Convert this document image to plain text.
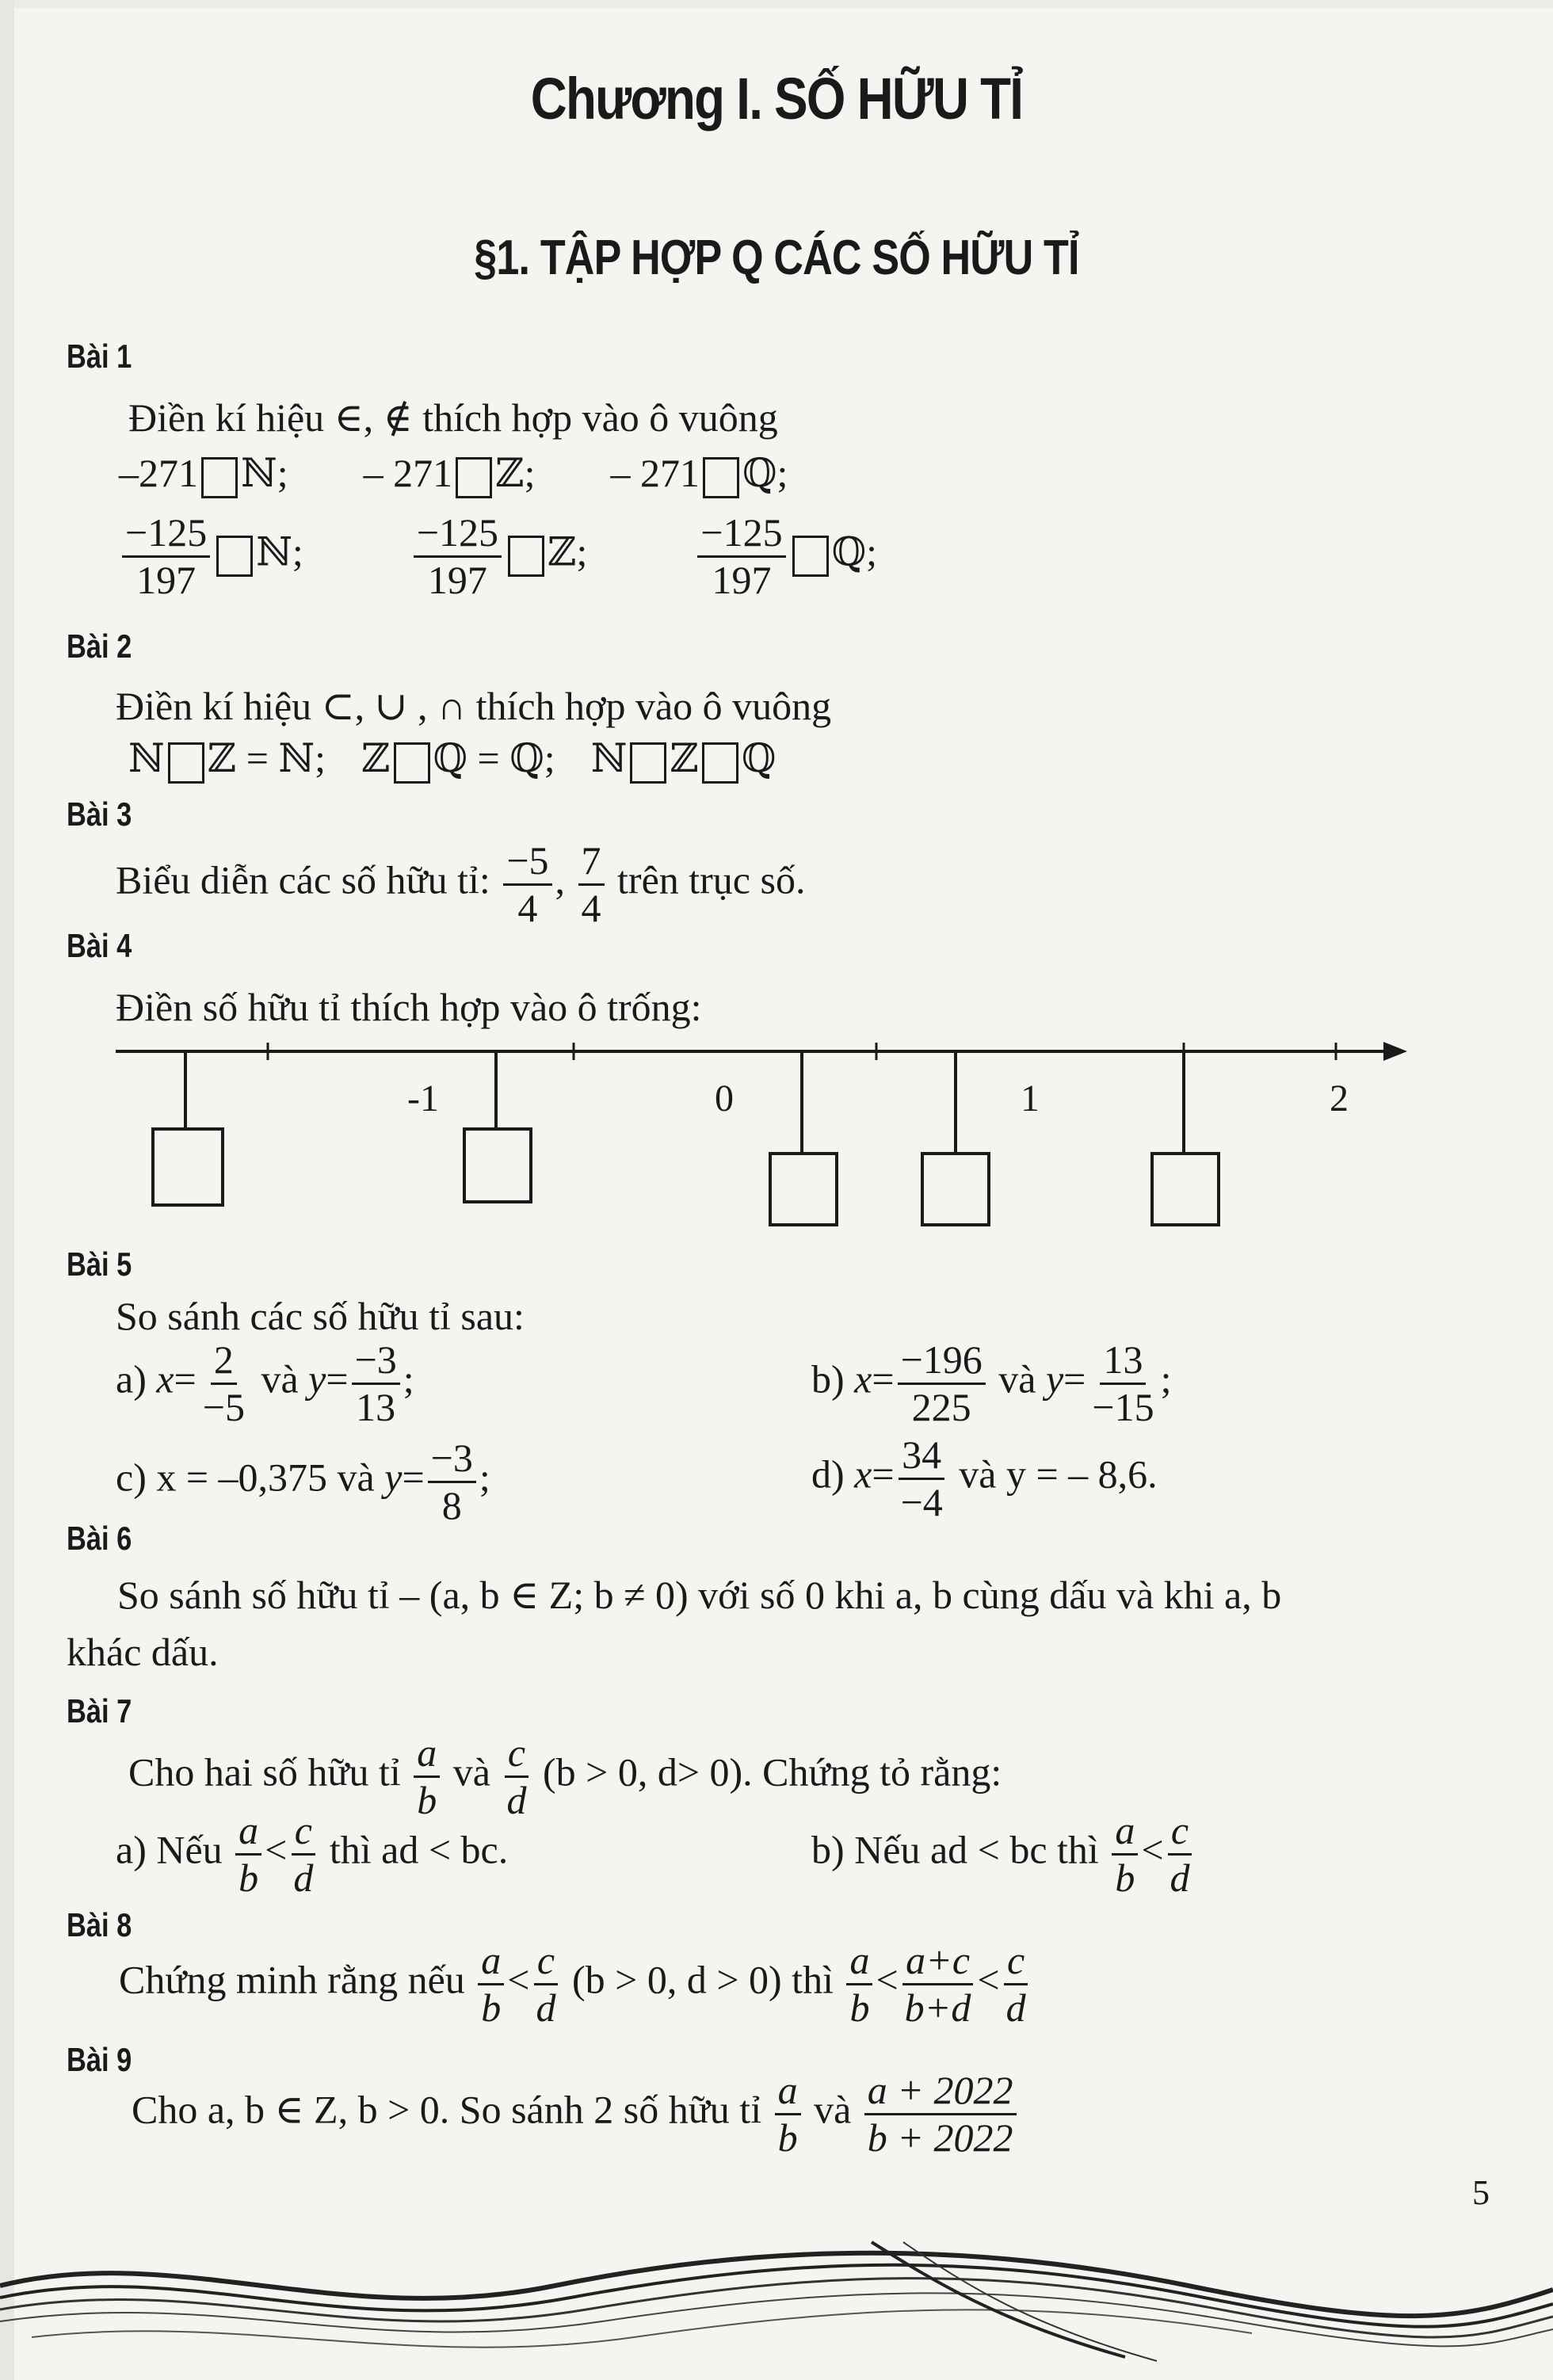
Chương I. SỐ HỮU TỈ
§1. TẬP HỢP Q CÁC SỐ HỮU TỈ
Bài 1
Điền kí hiệu ∈, ∉ thích hợp vào ô vuông
–271 ℕ; – 271 ℤ; – 271 ℚ;
$\frac{-125}{197}$ ℕ;	$\frac{-125}{197}$ ℤ;	$\frac{-125}{197}$ ℚ;
Bài 2
Điền kí hiệu ⊂, ∪ , ∩ thích hợp vào ô vuông
ℕ ℤ = ℕ; ℤ ℚ = ℚ; ℕ ℤ ℚ
Bài 3
Biểu diễn các số hữu tỉ: $\frac{-5}{4}$ , $\frac{7}{4}$ trên trục số.
Bài 4
Điền số hữu tỉ thích hợp vào ô trống:
-1	0	1	2
Bài 5
So sánh các số hữu tỉ sau:
a) $x= \frac{2}{-5}$ và $y= \frac{-3}{13}$ ;	b) $x= \frac{-196}{225}$ và $y= \frac{13}{-15}$ ;
c) x = –0,375 và $y= \frac{-3}{8}$ ;	d) $x= \frac{34}{-4}$ và y = – 8,6.
Bài 6
So sánh số hữu tỉ – (a, b ∈ Z; b ≠ 0) với số 0 khi a, b cùng dấu và khi a, b
khác dấu.
Bài 7
Cho hai số hữu tỉ $\frac{a}{b}$ và $\frac{c}{d} (b > 0$, d> 0). Chứng tỏ rằng:
a) Nếu $\frac{a}{b} < \frac{c}{d}$ thì ad < bc.	b) Nếu ad < bc thì $\frac{a}{b} < \frac{c}{d}$
Bài 8
Chứng minh rằng nếu $\frac{a}{b} < \frac{c}{d} (b > 0$, d > 0) thì $\frac{a}{b} < \frac{a+c}{b+d} < \frac{c}{d}$
Bài 9
Cho a, b ∈ Z, b > 0. So sánh 2 số hữu tỉ $\frac{a}{b}$ và $\frac{a + 2022}{b + 2022}$
5
